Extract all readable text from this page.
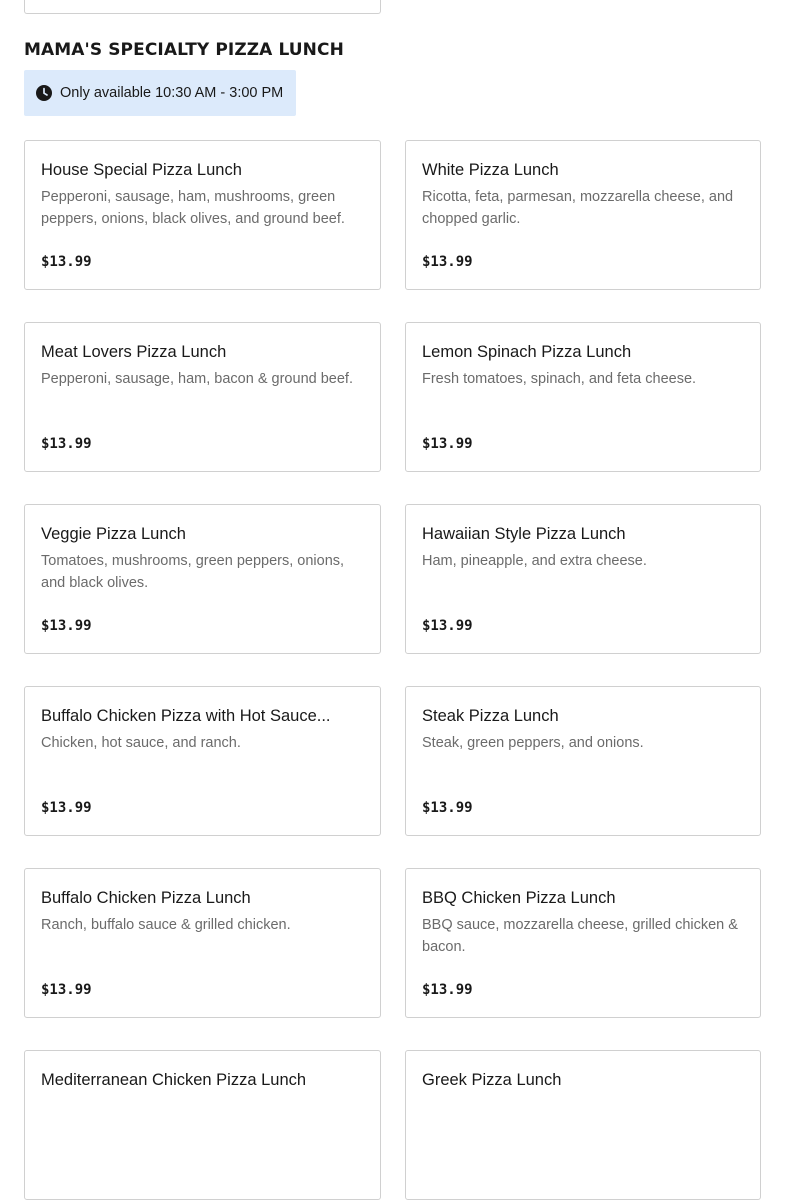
MAMA'S SPECIALTY PIZZA LUNCH
Only available 10:30 AM - 3:00 PM

House Special Pizza Lunch

Pepperoni, sausage, ham, mushrooms, green peppers, onions, black olives, and ground beef.
$13.99

White Pizza Lunch

Ricotta, feta, parmesan, mozzarella cheese, and chopped garlic.
$13.99

Meat Lovers Pizza Lunch

Pepperoni, sausage, ham, bacon & ground beef.
$13.99

Lemon Spinach Pizza Lunch

Fresh tomatoes, spinach, and feta cheese.
$13.99

Veggie Pizza Lunch

Tomatoes, mushrooms, green peppers, onions, and black olives.
$13.99

Hawaiian Style Pizza Lunch

Ham, pineapple, and extra cheese.
$13.99

Buffalo Chicken Pizza with Hot Sauce...

Chicken, hot sauce, and ranch.
$13.99

Steak Pizza Lunch

Steak, green peppers, and onions.
$13.99

Buffalo Chicken Pizza Lunch

Ranch, buffalo sauce & grilled chicken.
$13.99

BBQ Chicken Pizza Lunch

BBQ sauce, mozzarella cheese, grilled chicken & bacon.
$13.99

Mediterranean Chicken Pizza Lunch	Greek Pizza Lunch
